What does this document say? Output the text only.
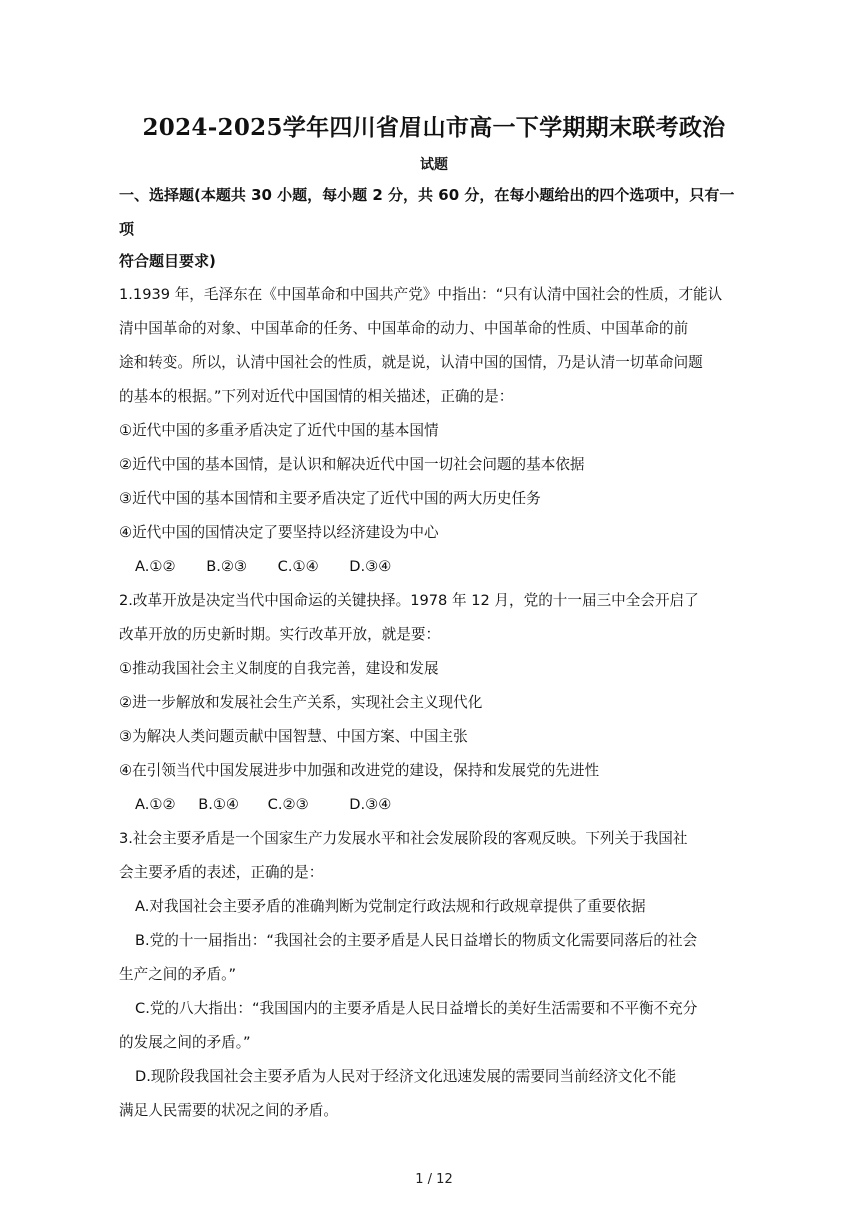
2024-2025学年四川省眉山市高一下学期期末联考政治
试题
一、选择题(本题共 30 小题，每小题 2 分，共 60 分，在每小题给出的四个选项中，只有一项
符合题目要求)
1.1939 年，毛泽东在《中国革命和中国共产党》中指出：“只有认清中国社会的性质，才能认
清中国革命的对象、中国革命的任务、中国革命的动力、中国革命的性质、中国革命的前
途和转变。所以，认清中国社会的性质，就是说，认清中国的国情，乃是认清一切革命问题
的基本的根据。”下列对近代中国国情的相关描述，正确的是：
①近代中国的多重矛盾决定了近代中国的基本国情
②近代中国的基本国情，是认识和解决近代中国一切社会问题的基本依据
③近代中国的基本国情和主要矛盾决定了近代中国的两大历史任务
④近代中国的国情决定了要坚持以经济建设为中心
A.①② B.②③ C.①④ D.③④
2.改革开放是决定当代中国命运的关键抉择。1978 年 12 月，党的十一届三中全会开启了
改革开放的历史新时期。实行改革开放，就是要：
①推动我国社会主义制度的自我完善，建设和发展
②进一步解放和发展社会生产关系，实现社会主义现代化
③为解决人类问题贡献中国智慧、中国方案、中国主张
④在引领当代中国发展进步中加强和改进党的建设，保持和发展党的先进性
A.①② B.①④ C.②③	D.③④
3.社会主要矛盾是一个国家生产力发展水平和社会发展阶段的客观反映。下列关于我国社
会主要矛盾的表述，正确的是：
A.对我国社会主要矛盾的准确判断为党制定行政法规和行政规章提供了重要依据
B.党的十一届指出：“我国社会的主要矛盾是人民日益增长的物质文化需要同落后的社会
生产之间的矛盾。”
C.党的八大指出：“我国国内的主要矛盾是人民日益增长的美好生活需要和不平衡不充分
的发展之间的矛盾。”
D.现阶段我国社会主要矛盾为人民对于经济文化迅速发展的需要同当前经济文化不能
满足人民需要的状况之间的矛盾。
1 / 12
